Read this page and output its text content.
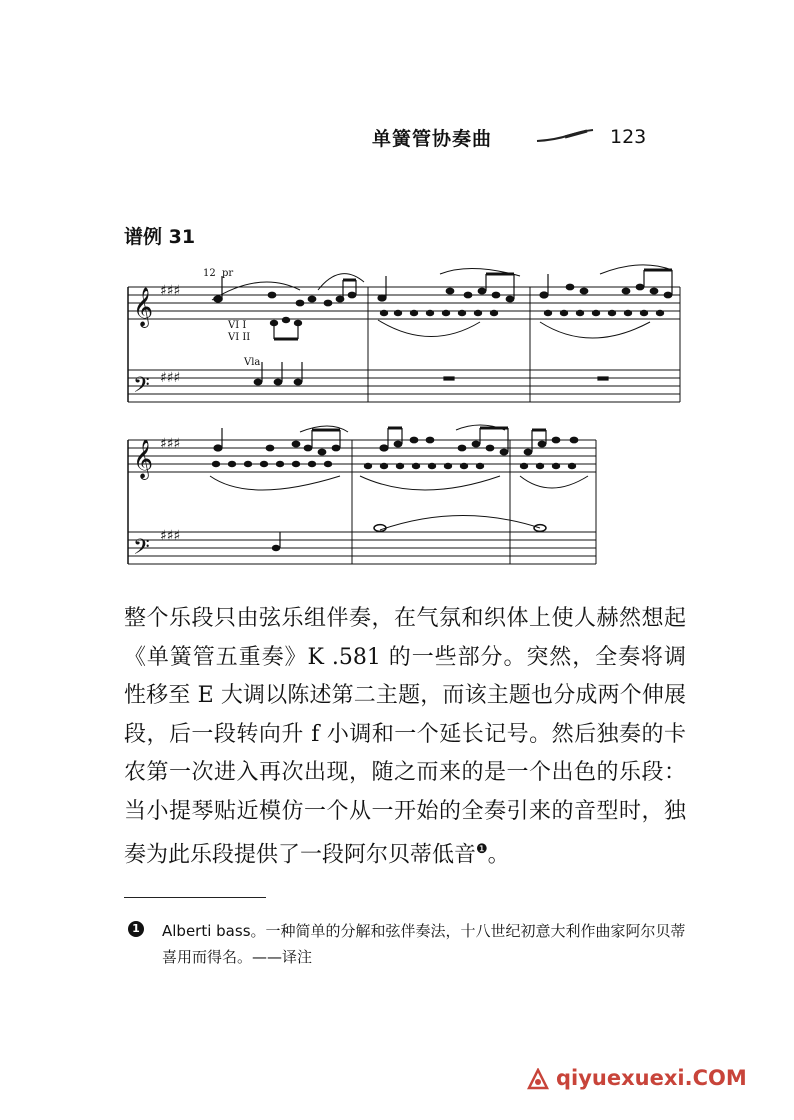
单簧管协奏曲	123
谱例 31
𝄞
𝄢
𝄞
𝄢
♯♯♯
♯♯♯
♯♯♯
♯♯♯
12 pr
VI I
VI II
Vla

整个乐段只由弦乐组伴奏，在气氛和织体上使人赫然想起《单簧管五重奏》K .581 的一些部分。突然，全奏将调性移至 E 大调以陈述第二主题，而该主题也分成两个伸展段，后一段转向升 f 小调和一个延长记号。然后独奏的卡农第一次进入再次出现，随之而来的是一个出色的乐段：当小提琴贴近模仿一个从一开始的全奏引来的音型时，独奏为此乐段提供了一段阿尔贝蒂低音$^❶$。

1 Alberti bass。一种简单的分解和弦伴奏法，十八世纪初意大利作曲家阿尔贝蒂喜用而得名。——译注

qiyuexuexi.COM
